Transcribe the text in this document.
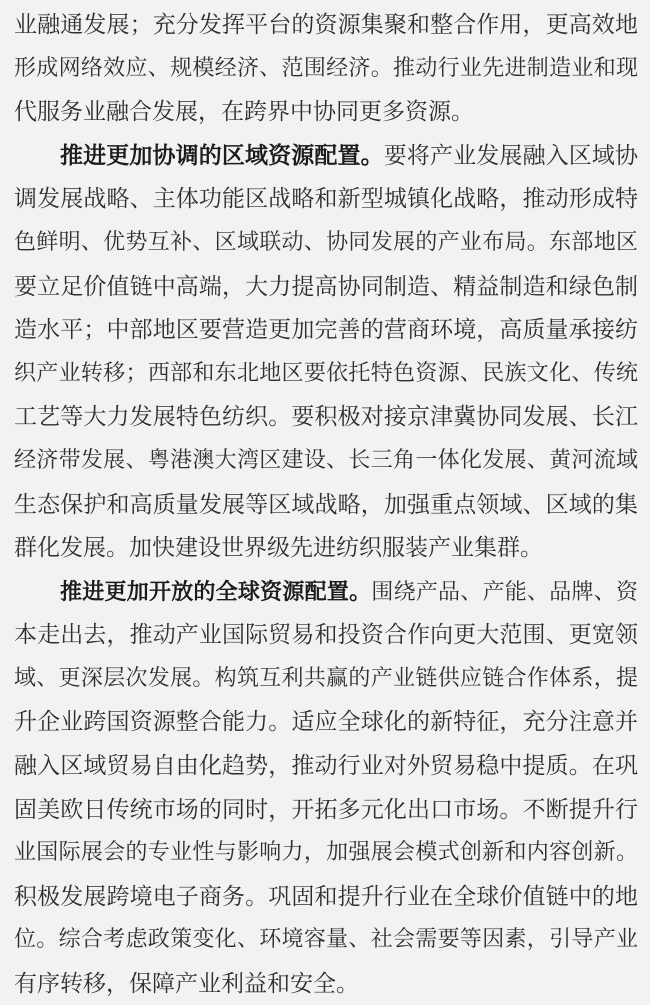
业融通发展；充分发挥平台的资源集聚和整合作用，更高效地
形成网络效应、规模经济、范围经济。推动行业先进制造业和现
代服务业融合发展，在跨界中协同更多资源。
推进更加协调的区域资源配置。要将产业发展融入区域协
调发展战略、主体功能区战略和新型城镇化战略，推动形成特
色鲜明、优势互补、区域联动、协同发展的产业布局。东部地区
要立足价值链中高端，大力提高协同制造、精益制造和绿色制
造水平；中部地区要营造更加完善的营商环境，高质量承接纺
织产业转移；西部和东北地区要依托特色资源、民族文化、传统
工艺等大力发展特色纺织。要积极对接京津冀协同发展、长江
经济带发展、粤港澳大湾区建设、长三角一体化发展、黄河流域
生态保护和高质量发展等区域战略，加强重点领域、区域的集
群化发展。加快建设世界级先进纺织服装产业集群。
推进更加开放的全球资源配置。围绕产品、产能、品牌、资
本走出去，推动产业国际贸易和投资合作向更大范围、更宽领
域、更深层次发展。构筑互利共赢的产业链供应链合作体系，提
升企业跨国资源整合能力。适应全球化的新特征，充分注意并
融入区域贸易自由化趋势，推动行业对外贸易稳中提质。在巩
固美欧日传统市场的同时，开拓多元化出口市场。不断提升行
业国际展会的专业性与影响力，加强展会模式创新和内容创新。
积极发展跨境电子商务。巩固和提升行业在全球价值链中的地
位。综合考虑政策变化、环境容量、社会需要等因素，引导产业
有序转移，保障产业利益和安全。
